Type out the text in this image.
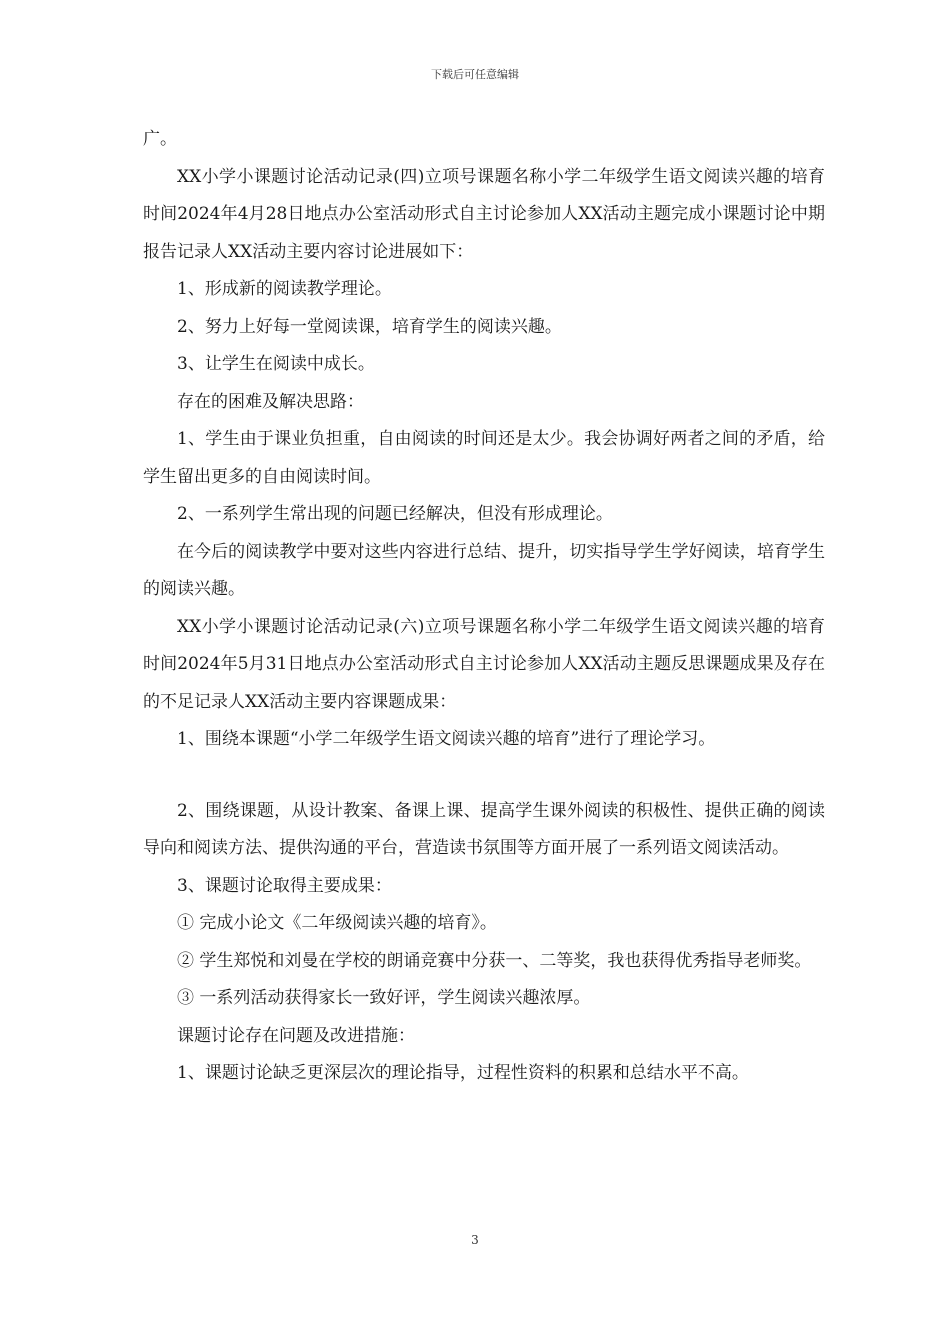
下载后可任意编辑

广。

XX小学小课题讨论活动记录(四)立项号课题名称小学二年级学生语文阅读兴趣的培育时间2024年4月28日地点办公室活动形式自主讨论参加人XX活动主题完成小课题讨论中期报告记录人XX活动主要内容讨论进展如下：

1、形成新的阅读教学理论。

2、努力上好每一堂阅读课，培育学生的阅读兴趣。

3、让学生在阅读中成长。

存在的困难及解决思路：

1、学生由于课业负担重，自由阅读的时间还是太少。我会协调好两者之间的矛盾，给学生留出更多的自由阅读时间。

2、一系列学生常出现的问题已经解决，但没有形成理论。

在今后的阅读教学中要对这些内容进行总结、提升，切实指导学生学好阅读，培育学生的阅读兴趣。

XX小学小课题讨论活动记录(六)立项号课题名称小学二年级学生语文阅读兴趣的培育时间2024年5月31日地点办公室活动形式自主讨论参加人XX活动主题反思课题成果及存在的不足记录人XX活动主要内容课题成果：

1、围绕本课题“小学二年级学生语文阅读兴趣的培育”进行了理论学习。

2、围绕课题，从设计教案、备课上课、提高学生课外阅读的积极性、提供正确的阅读导向和阅读方法、提供沟通的平台，营造读书氛围等方面开展了一系列语文阅读活动。

3、课题讨论取得主要成果：

① 完成小论文《二年级阅读兴趣的培育》。

② 学生郑悦和刘曼在学校的朗诵竞赛中分获一、二等奖，我也获得优秀指导老师奖。

③ 一系列活动获得家长一致好评，学生阅读兴趣浓厚。

课题讨论存在问题及改进措施：

1、课题讨论缺乏更深层次的理论指导，过程性资料的积累和总结水平不高。

3
